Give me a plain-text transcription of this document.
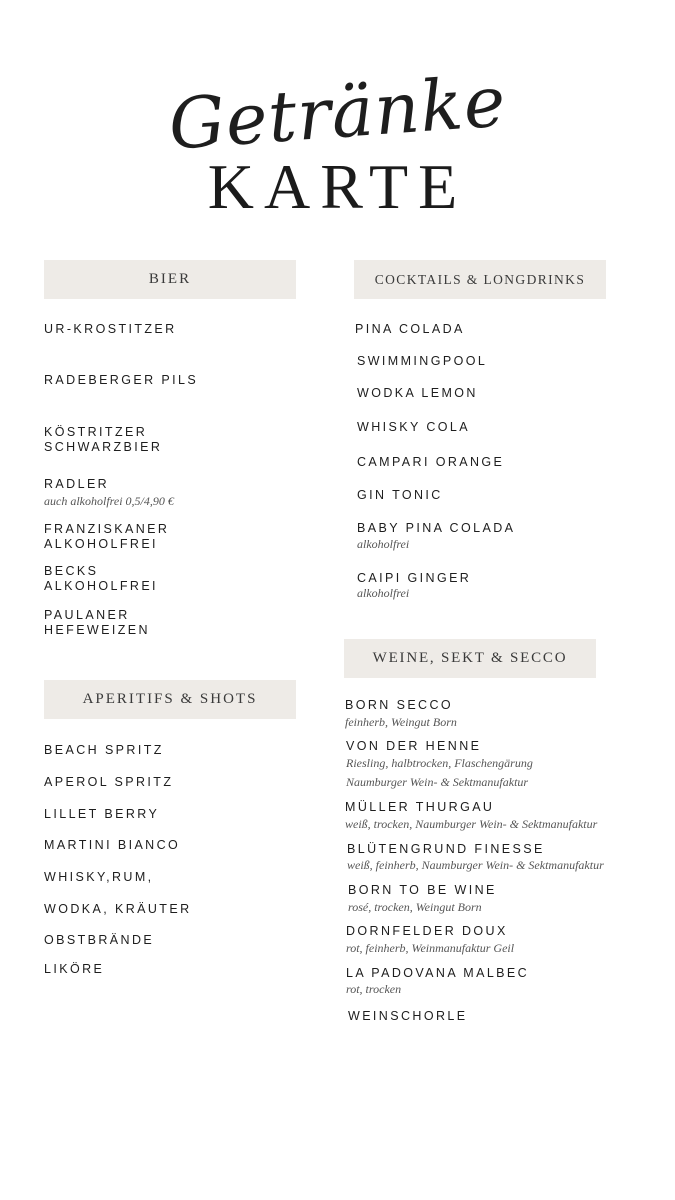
Getränke
KARTE
BIER
UR-KROSTITZER
RADEBERGER PILS
KÖSTRITZER
SCHWARZBIER
RADLER
auch alkoholfrei 0,5/4,90 €
FRANZISKANER
ALKOHOLFREI
BECKS
ALKOHOLFREI
PAULANER
HEFEWEIZEN
APERITIFS & SHOTS
BEACH SPRITZ
APEROL SPRITZ
LILLET BERRY
MARTINI BIANCO
WHISKY,RUM,
WODKA, KRÄUTER
OBSTBRÄNDE
LIKÖRE
COCKTAILS & LONGDRINKS
PINA COLADA
SWIMMINGPOOL
WODKA LEMON
WHISKY COLA
CAMPARI ORANGE
GIN TONIC
BABY PINA COLADA
alkoholfrei
CAIPI GINGER
alkoholfrei
WEINE, SEKT & SECCO
BORN SECCO
feinherb, Weingut Born
VON DER HENNE
Riesling, halbtrocken, Flaschengärung
Naumburger Wein- & Sektmanufaktur
MÜLLER THURGAU
weiß, trocken, Naumburger Wein- & Sektmanufaktur
BLÜTENGRUND FINESSE
weiß, feinherb, Naumburger Wein- & Sektmanufaktur
BORN TO BE WINE
rosé, trocken, Weingut Born
DORNFELDER DOUX
rot, feinherb, Weinmanufaktur Geil
LA PADOVANA MALBEC
rot, trocken
WEINSCHORLE
